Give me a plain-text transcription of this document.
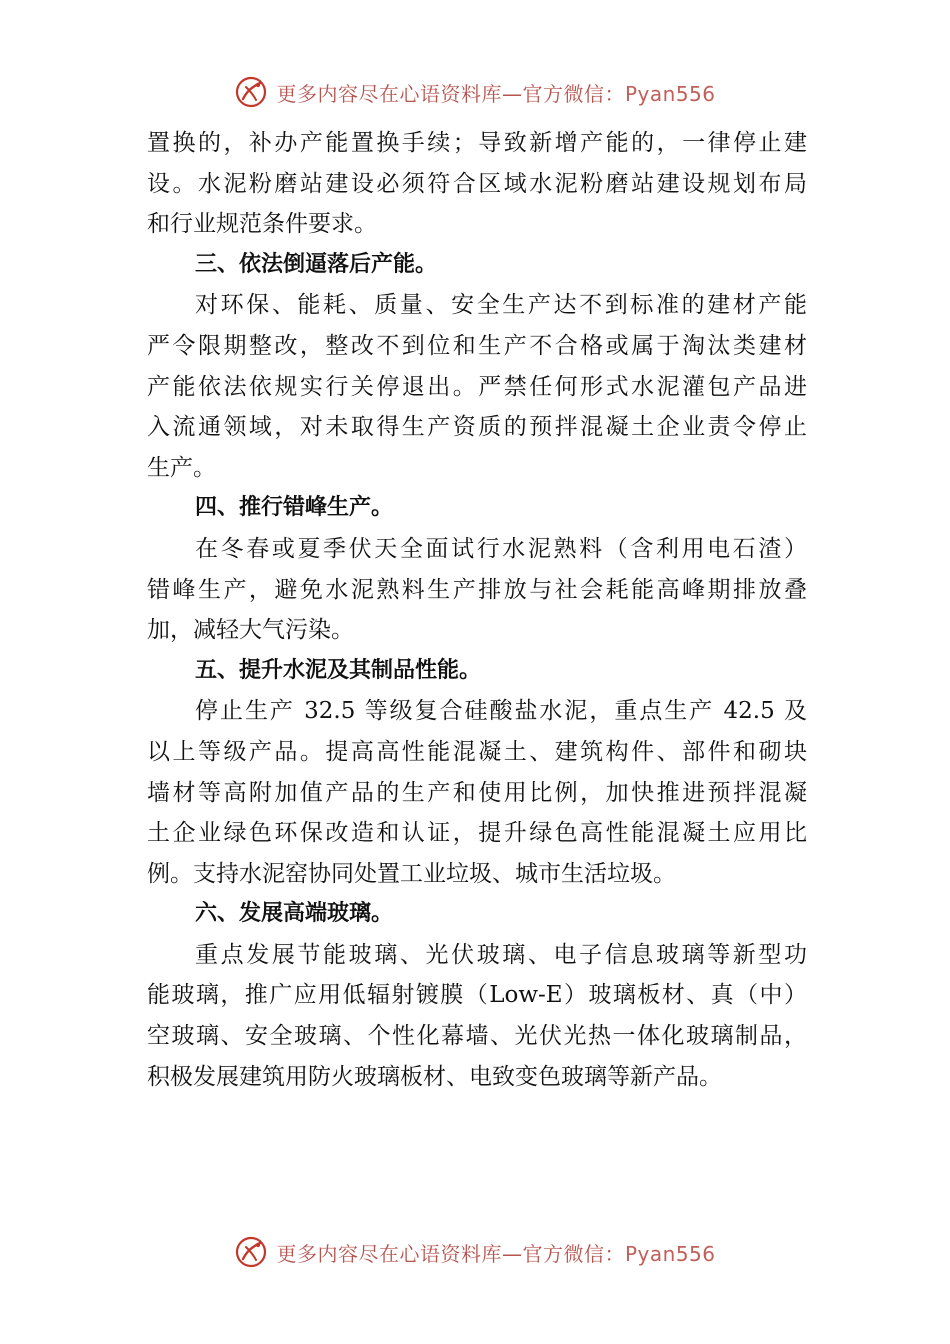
更多内容尽在心语资料库—官方微信：Pyan556
置换的，补办产能置换手续；导致新增产能的，一律停止建
设。水泥粉磨站建设必须符合区域水泥粉磨站建设规划布局
和行业规范条件要求。
三、依法倒逼落后产能。
对环保、能耗、质量、安全生产达不到标准的建材产能
严令限期整改，整改不到位和生产不合格或属于淘汰类建材
产能依法依规实行关停退出。严禁任何形式水泥灌包产品进
入流通领域，对未取得生产资质的预拌混凝土企业责令停止
生产。
四、推行错峰生产。
在冬春或夏季伏天全面试行水泥熟料（含利用电石渣）
错峰生产，避免水泥熟料生产排放与社会耗能高峰期排放叠
加，减轻大气污染。
五、提升水泥及其制品性能。
停止生产 32.5 等级复合硅酸盐水泥，重点生产 42.5 及
以上等级产品。提高高性能混凝土、建筑构件、部件和砌块
墙材等高附加值产品的生产和使用比例，加快推进预拌混凝
土企业绿色环保改造和认证，提升绿色高性能混凝土应用比
例。支持水泥窑协同处置工业垃圾、城市生活垃圾。
六、发展高端玻璃。
重点发展节能玻璃、光伏玻璃、电子信息玻璃等新型功
能玻璃，推广应用低辐射镀膜（Low-E）玻璃板材、真（中）
空玻璃、安全玻璃、个性化幕墙、光伏光热一体化玻璃制品，
积极发展建筑用防火玻璃板材、电致变色玻璃等新产品。
更多内容尽在心语资料库—官方微信：Pyan556
